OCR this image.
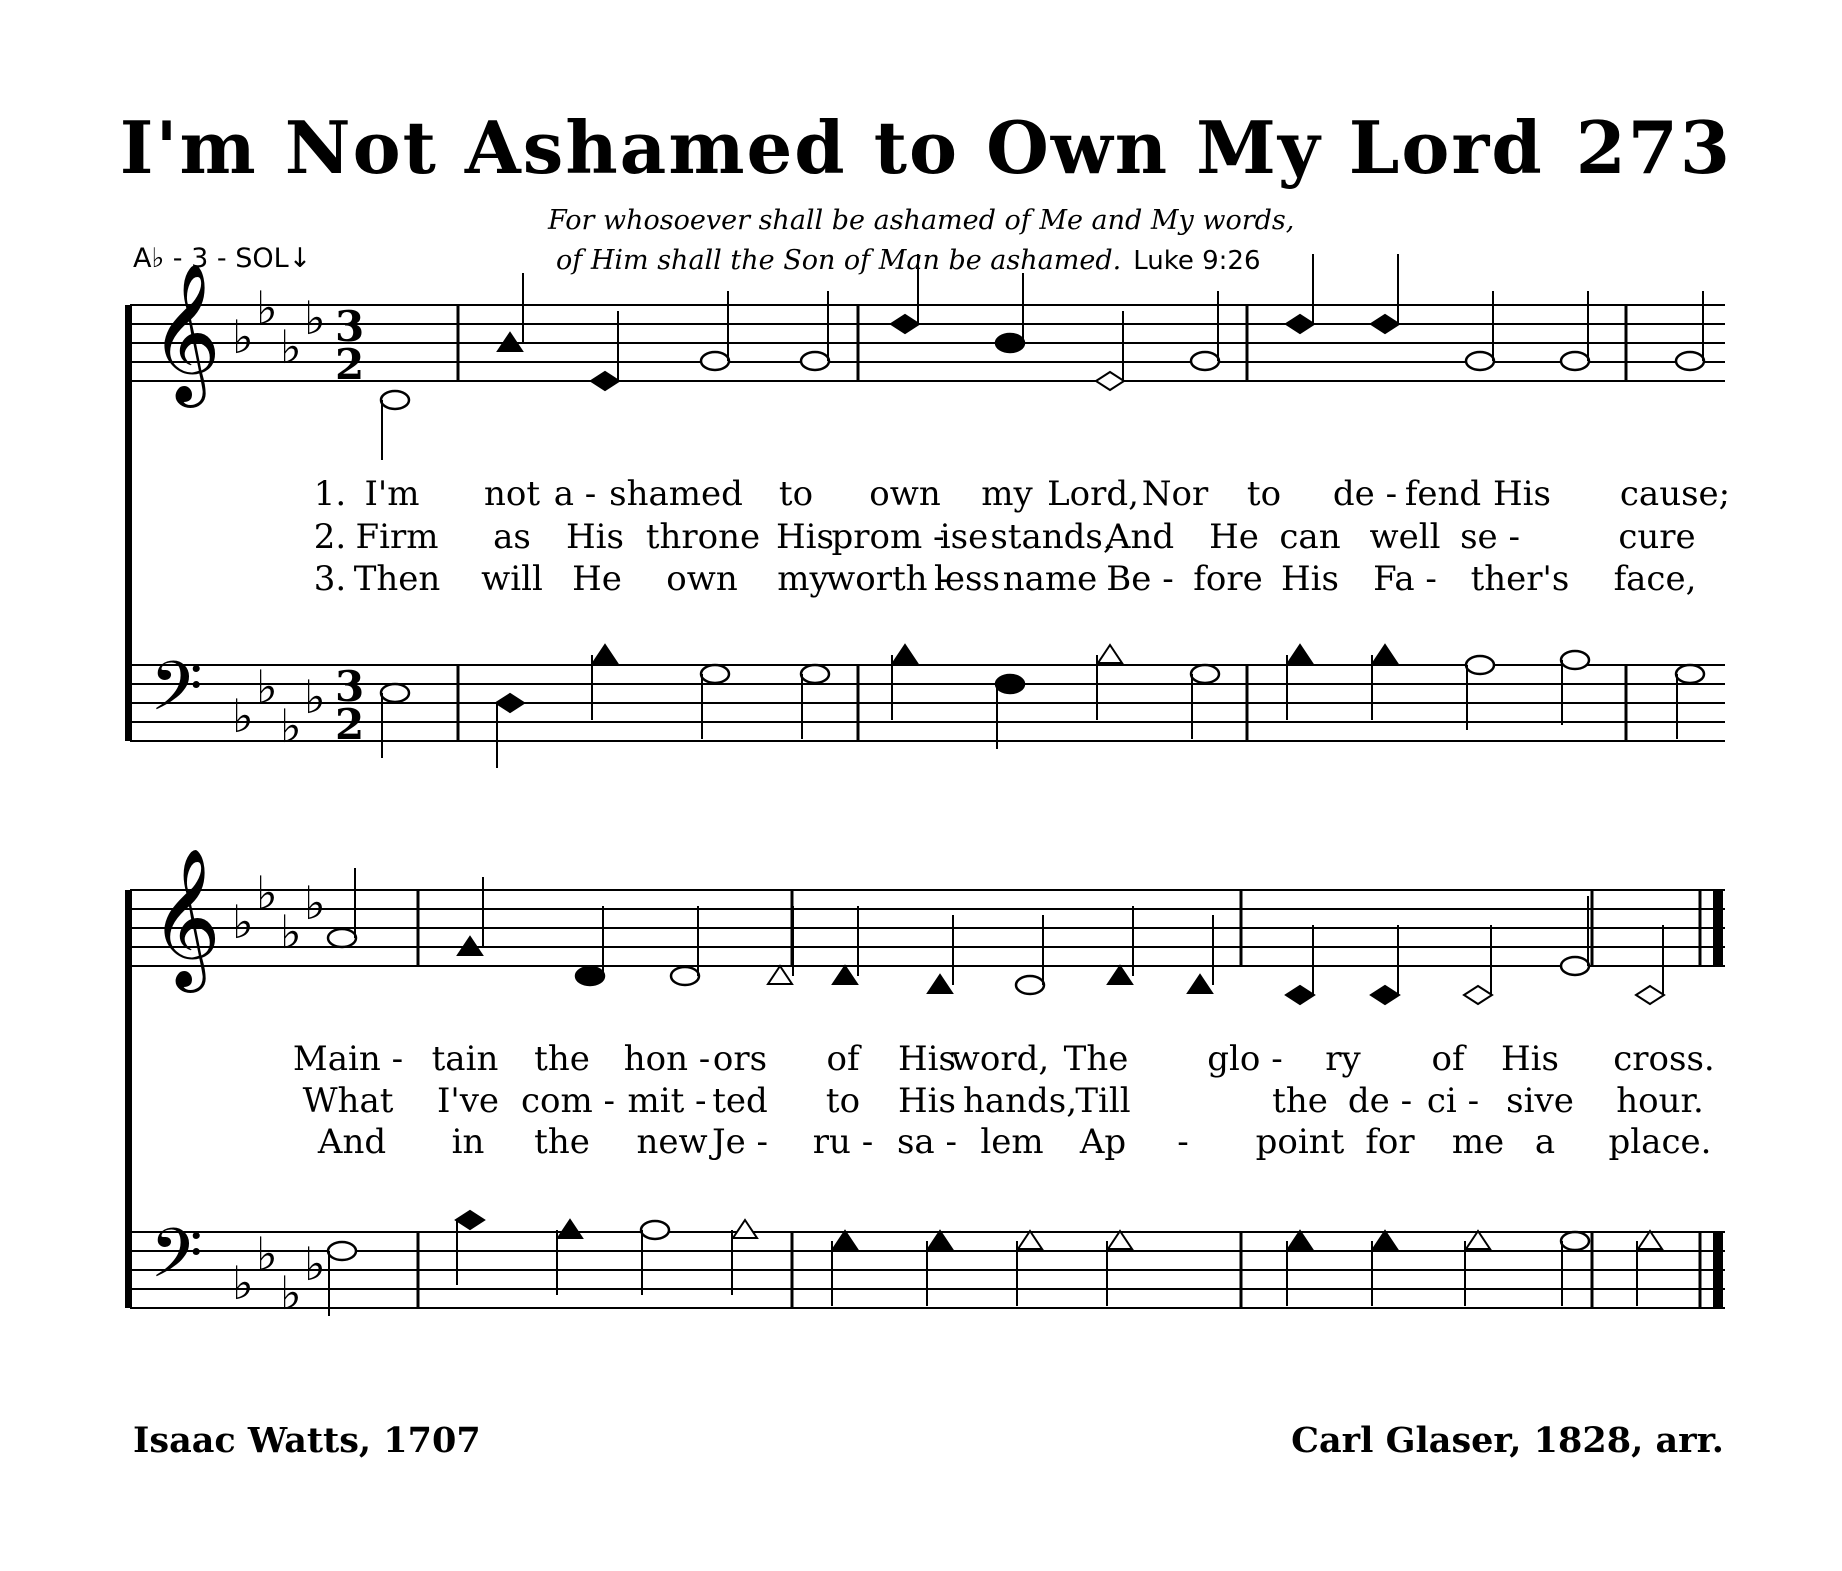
I'm Not Ashamed to Own My Lord 273
For whosoever shall be ashamed of Me and My words,
of Him shall the Son of Man be ashamed. Luke 9:26
A♭ - 3 - SOL↓
𝄞
𝄢
♭
♭
♭
♭
♭
♭
♭
♭
3
2
3
2
𝄞
𝄢
♭
♭
♭
♭
♭
♭
♭
♭
1. I'm not a - shamed to own my Lord, Nor to de - fend His cause;
2. Firm as His throne His
prom -
ise stands,
And He can well se -	cure
3. Then will He own my
worth -
less name Be - fore His Fa - ther's face,
Main - tain the hon - ors of His
word, The glo - ry of His cross.
What I've com - mit - ted to His hands,
Till	the de - ci - sive hour.
And in the new Je - ru - sa - lem Ap - point for me a place.
Isaac Watts, 1707	Carl Glaser, 1828, arr.
